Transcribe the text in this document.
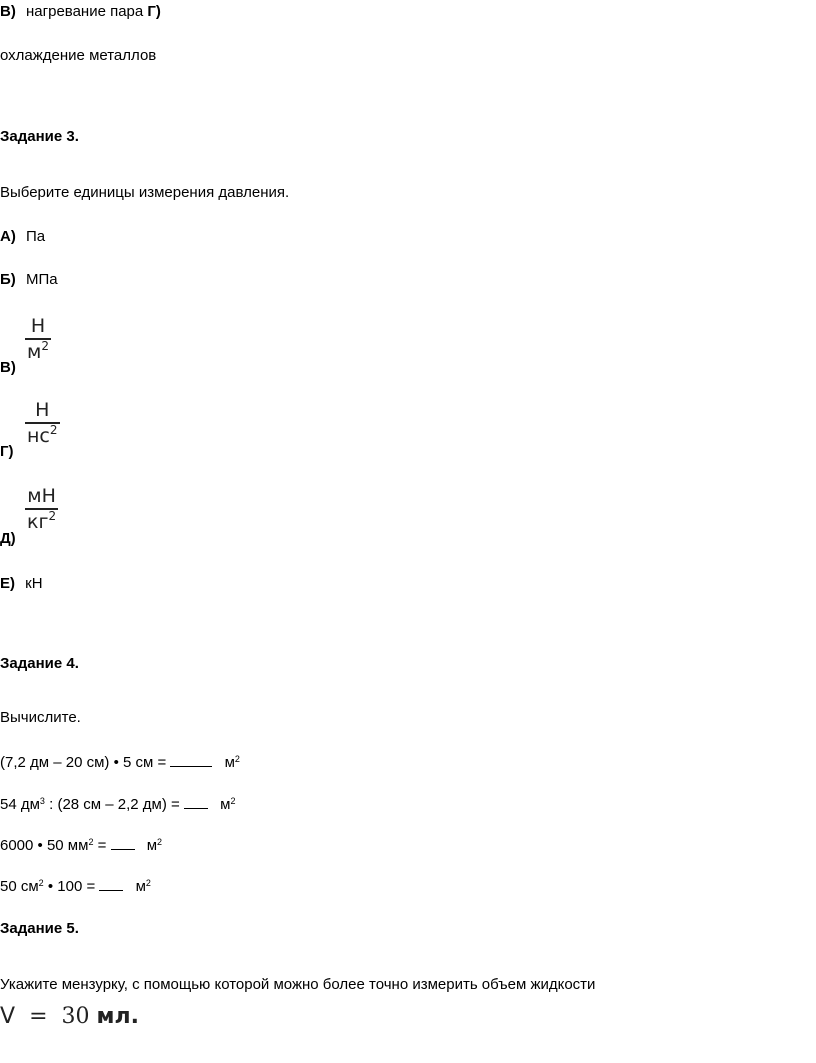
В) нагревание пара Г)
охлаждение металлов
Задание 3.
Выберите единицы измерения давления.
А) Па
Б) МПа
В)
Н
$м^2$
Г)
Н
$нс^2$
Д)
мН
$кг^2$
Е) кН
Задание 4.
Вычислите.
(7,2 дм – 20 см) • 5 см =	$м^2$
54 $дм^3$ : (28 см – 2,2 дм) =	$м^2$
6000 • 50 $мм^2$ =	$м^2$
50 $см^2$ • 100 =	$м^2$
Задание 5.
Укажите мензурку, с помощью которой можно более точно измерить объем жидкости
V = 30 мл.
